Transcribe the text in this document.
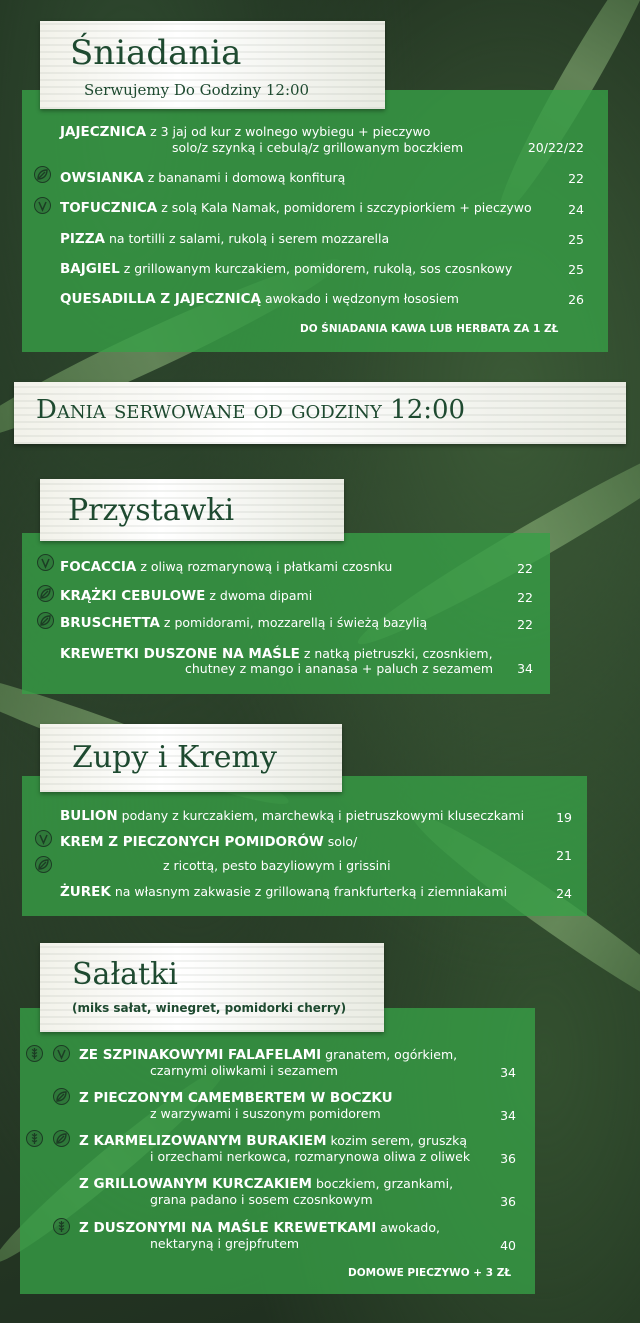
Śniadania
Serwujemy Do Godziny 12:00
JAJECZNICA z 3 jaj od kur z wolnego wybiegu + pieczywo
solo/z szynką i cebulą/z grillowanym boczkiem	20/22/22
OWSIANKA z bananami i domową konfiturą	22
TOFUCZNICA z solą Kala Namak, pomidorem i szczypiorkiem + pieczywo	24
PIZZA na tortilli z salami, rukolą i serem mozzarella	25
BAJGIEL z grillowanym kurczakiem, pomidorem, rukolą, sos czosnkowy	25
QUESADILLA Z JAJECZNICĄ awokado i wędzonym łososiem	26
DO ŚNIADANIA KAWA LUB HERBATA ZA 1 ZŁ
Dania serwowane od godziny 12:00
Przystawki
FOCACCIA z oliwą rozmarynową i płatkami czosnku	22
KRĄŻKI CEBULOWE z dwoma dipami	22
BRUSCHETTA z pomidorami, mozzarellą i świeżą bazylią	22
KREWETKI DUSZONE NA MAŚLE z natką pietruszki, czosnkiem,
chutney z mango i ananasa + paluch z sezamem 34
Zupy i Kremy
BULION podany z kurczakiem, marchewką i pietruszkowymi kluseczkami	19
KREM Z PIECZONYCH POMIDORÓW solo/
z ricottą, pesto bazyliowym i grissini
21
ŻUREK na własnym zakwasie z grillowaną frankfurterką i ziemniakami	24
Sałatki
(miks sałat, winegret, pomidorki cherry)
ZE SZPINAKOWYMI FALAFELAMI granatem, ogórkiem,
czarnymi oliwkami i sezamem	34
Z PIECZONYM CAMEMBERTEM W BOCZKU
z warzywami i suszonym pomidorem	34
Z KARMELIZOWANYM BURAKIEM kozim serem, gruszką
i orzechami nerkowca, rozmarynowa oliwa z oliwek 36
Z GRILLOWANYM KURCZAKIEM boczkiem, grzankami,
grana padano i sosem czosnkowym	36
Z DUSZONYMI NA MAŚLE KREWETKAMI awokado,
nektaryną i grejpfrutem	40
DOMOWE PIECZYWO + 3 ZŁ
